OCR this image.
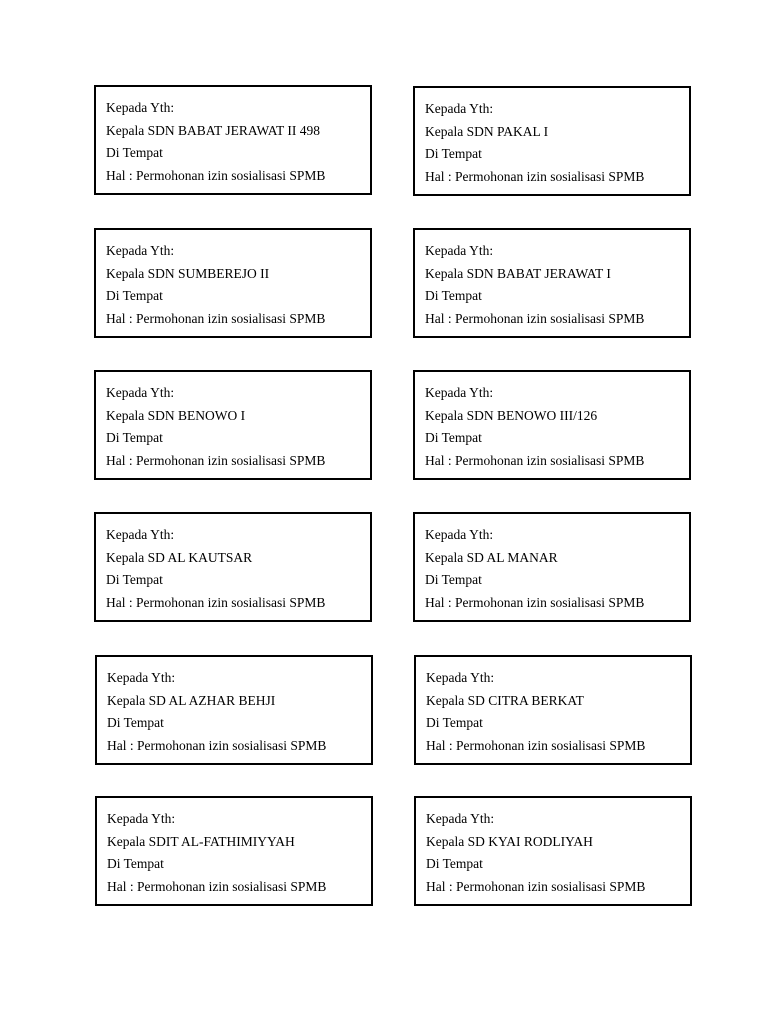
Kepada Yth:
Kepala SDN BABAT JERAWAT II 498
Di Tempat
Hal : Permohonan izin sosialisasi SPMB
Kepada Yth:
Kepala SDN PAKAL I
Di Tempat
Hal : Permohonan izin sosialisasi SPMB
Kepada Yth:
Kepala SDN SUMBEREJO II
Di Tempat
Hal : Permohonan izin sosialisasi SPMB
Kepada Yth:
Kepala SDN BABAT JERAWAT I
Di Tempat
Hal : Permohonan izin sosialisasi SPMB
Kepada Yth:
Kepala SDN BENOWO I
Di Tempat
Hal : Permohonan izin sosialisasi SPMB
Kepada Yth:
Kepala SDN BENOWO III/126
Di Tempat
Hal : Permohonan izin sosialisasi SPMB
Kepada Yth:
Kepala SD AL KAUTSAR
Di Tempat
Hal : Permohonan izin sosialisasi SPMB
Kepada Yth:
Kepala SD AL MANAR
Di Tempat
Hal : Permohonan izin sosialisasi SPMB
Kepada Yth:
Kepala SD AL AZHAR BEHJI
Di Tempat
Hal : Permohonan izin sosialisasi SPMB
Kepada Yth:
Kepala SD CITRA BERKAT
Di Tempat
Hal : Permohonan izin sosialisasi SPMB
Kepada Yth:
Kepala SDIT AL-FATHIMIYYAH
Di Tempat
Hal : Permohonan izin sosialisasi SPMB
Kepada Yth:
Kepala SD KYAI RODLIYAH
Di Tempat
Hal : Permohonan izin sosialisasi SPMB
